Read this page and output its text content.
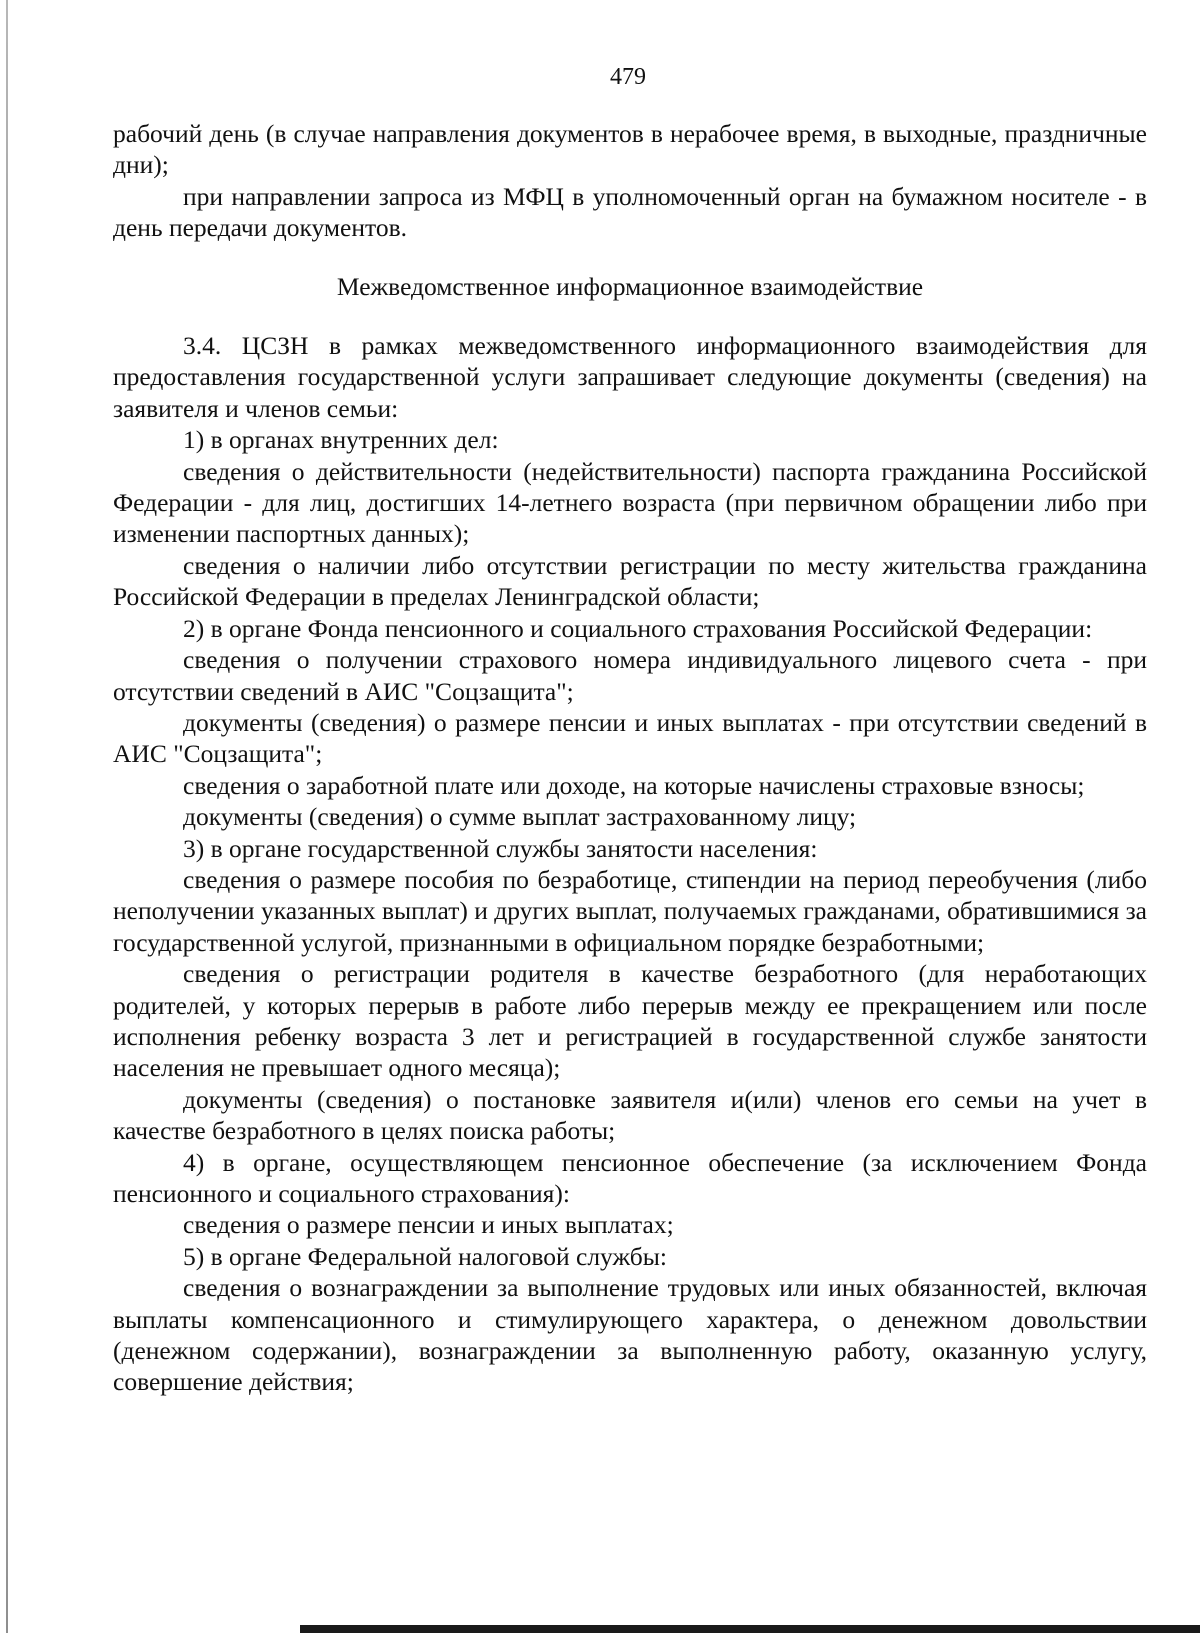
479

рабочий день (в случае направления документов в нерабочее время, в выходные, праздничные дни);

при направлении запроса из МФЦ в уполномоченный орган на бумажном носителе - в день передачи документов.

Межведомственное информационное взаимодействие

3.4. ЦСЗН в рамках межведомственного информационного взаимодействия для предоставления государственной услуги запрашивает следующие документы (сведения) на заявителя и членов семьи:

1) в органах внутренних дел:

сведения о действительности (недействительности) паспорта гражданина Российской Федерации - для лиц, достигших 14-летнего возраста (при первичном обращении либо при изменении паспортных данных);

сведения о наличии либо отсутствии регистрации по месту жительства гражданина Российской Федерации в пределах Ленинградской области;

2) в органе Фонда пенсионного и социального страхования Российской Федерации:

сведения о получении страхового номера индивидуального лицевого счета - при отсутствии сведений в АИС "Соцзащита";

документы (сведения) о размере пенсии и иных выплатах - при отсутствии сведений в АИС "Соцзащита";

сведения о заработной плате или доходе, на которые начислены страховые взносы;

документы (сведения) о сумме выплат застрахованному лицу;

3) в органе государственной службы занятости населения:

сведения о размере пособия по безработице, стипендии на период переобучения (либо неполучении указанных выплат) и других выплат, получаемых гражданами, обратившимися за государственной услугой, признанными в официальном порядке безработными;

сведения о регистрации родителя в качестве безработного (для неработающих родителей, у которых перерыв в работе либо перерыв между ее прекращением или после исполнения ребенку возраста 3 лет и регистрацией в государственной службе занятости населения не превышает одного месяца);

документы (сведения) о постановке заявителя и(или) членов его семьи на учет в качестве безработного в целях поиска работы;

4) в органе, осуществляющем пенсионное обеспечение (за исключением Фонда пенсионного и социального страхования):

сведения о размере пенсии и иных выплатах;

5) в органе Федеральной налоговой службы:

сведения о вознаграждении за выполнение трудовых или иных обязанностей, включая выплаты компенсационного и стимулирующего характера, о денежном довольствии (денежном содержании), вознаграждении за выполненную работу, оказанную услугу, совершение действия;
